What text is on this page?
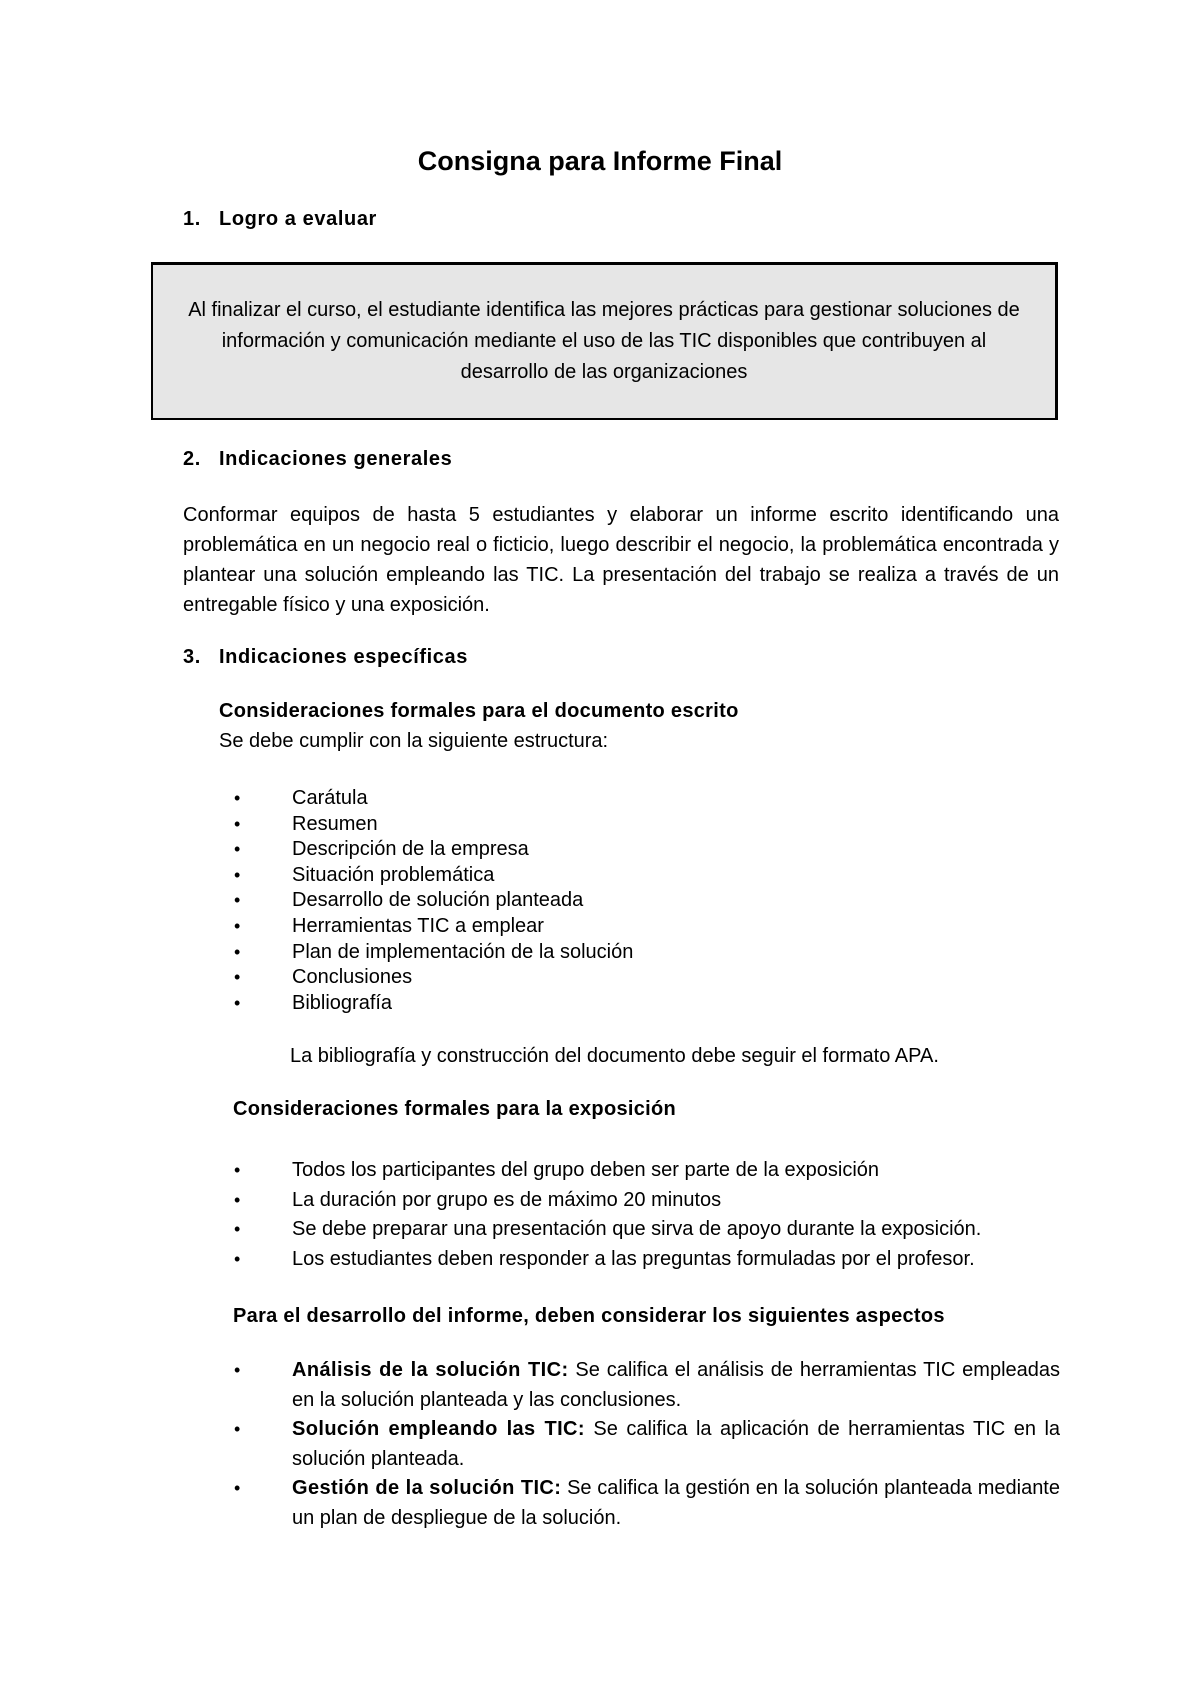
Consigna para Informe Final
1. Logro a evaluar
Al finalizar el curso, el estudiante identifica las mejores prácticas para gestionar soluciones de información y comunicación mediante el uso de las TIC disponibles que contribuyen al desarrollo de las organizaciones
2. Indicaciones generales
Conformar equipos de hasta 5 estudiantes y elaborar un informe escrito identificando una problemática en un negocio real o ficticio, luego describir el negocio, la problemática encontrada y plantear una solución empleando las TIC. La presentación del trabajo se realiza a través de un entregable físico y una exposición.
3. Indicaciones específicas
Consideraciones formales para el documento escrito
Se debe cumplir con la siguiente estructura:
•	Carátula
•	Resumen
•	Descripción de la empresa
•	Situación problemática
•	Desarrollo de solución planteada
•	Herramientas TIC a emplear
•	Plan de implementación de la solución
•	Conclusiones
•	Bibliografía
La bibliografía y construcción del documento debe seguir el formato APA.
Consideraciones formales para la exposición
•	Todos los participantes del grupo deben ser parte de la exposición
•	La duración por grupo es de máximo 20 minutos
•	Se debe preparar una presentación que sirva de apoyo durante la exposición.
•	Los estudiantes deben responder a las preguntas formuladas por el profesor.
Para el desarrollo del informe, deben considerar los siguientes aspectos
•	Análisis de la solución TIC: Se califica el análisis de herramientas TIC empleadas en la solución planteada y las conclusiones.
•	Solución empleando las TIC: Se califica la aplicación de herramientas TIC en la solución planteada.
•	Gestión de la solución TIC: Se califica la gestión en la solución planteada mediante un plan de despliegue de la solución.
